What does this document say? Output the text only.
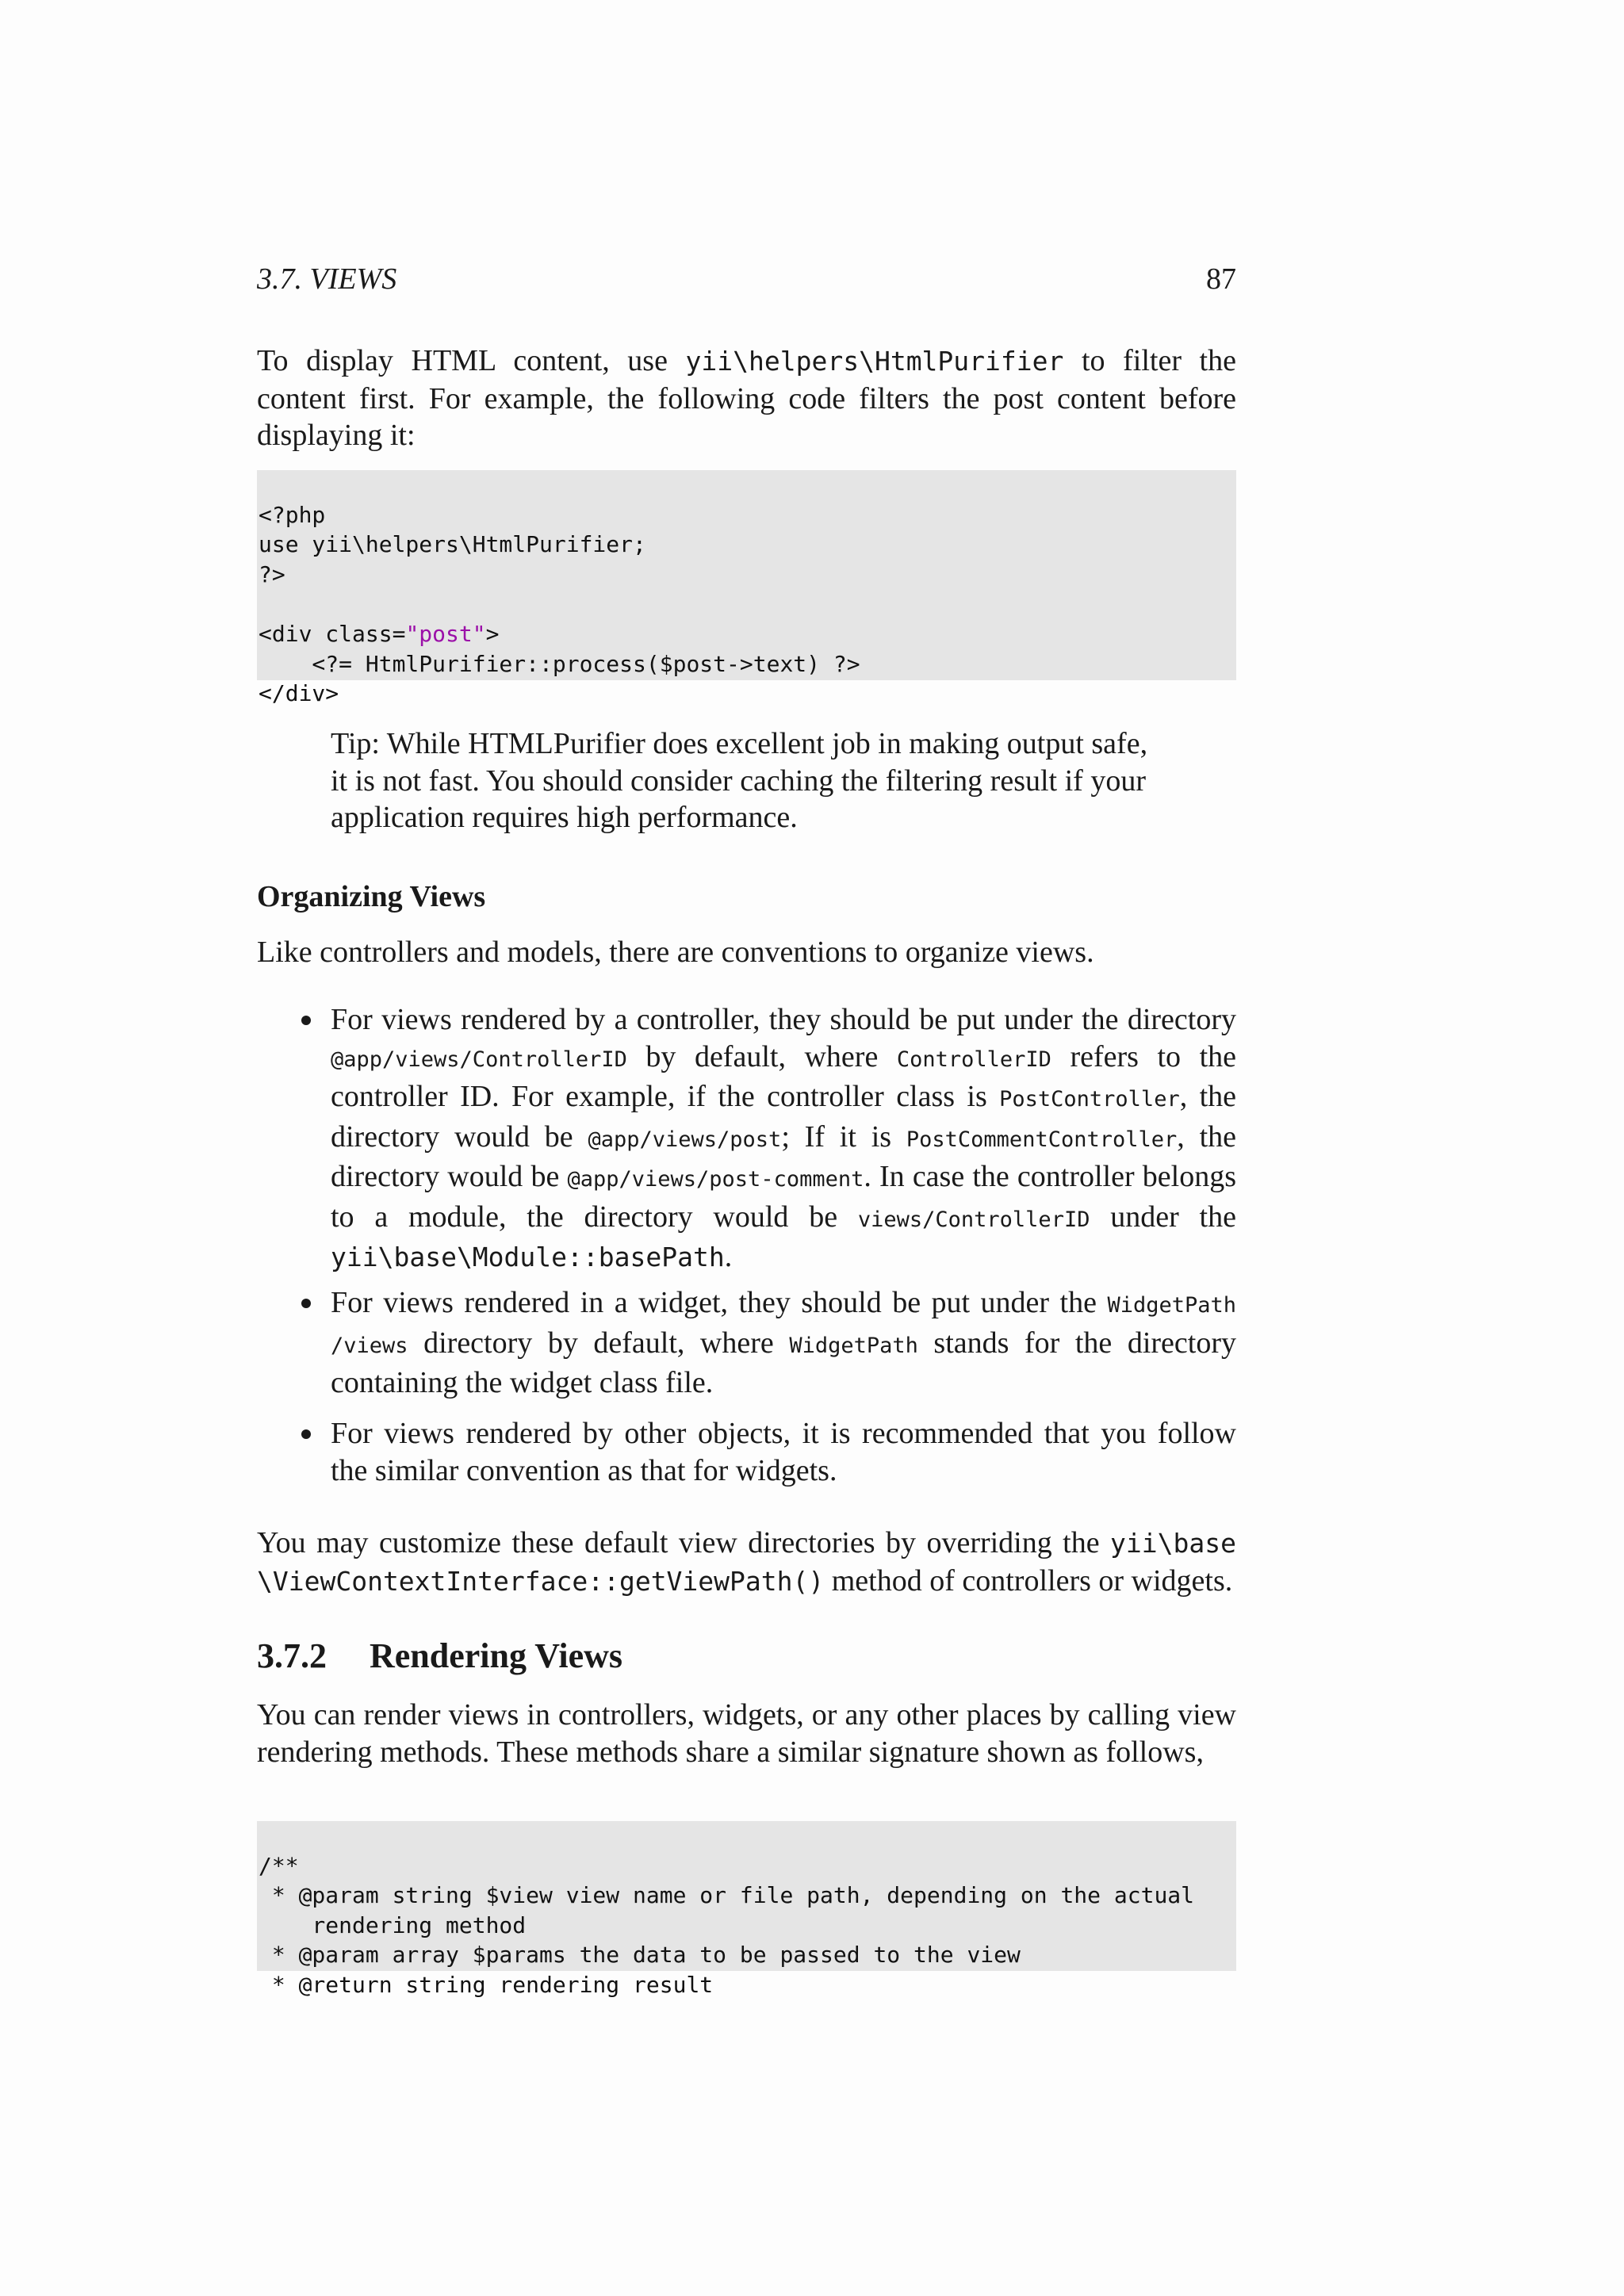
3.7. VIEWS	87

To display HTML content, use yii\helpers\HtmlPurifier to filter the content first. For example, the following code filters the post content before displaying it:

<?php
use yii\helpers\HtmlPurifier;
?>
<div class="post">
<?= HtmlPurifier::process($post->text) ?>
</div>
Tip: While HTMLPurifier does excellent job in making output safe, it is not fast. You should consider caching the filtering result if your application requires high performance.
Organizing Views

Like controllers and models, there are conventions to organize views.

For views rendered by a controller, they should be put under the directory @app/views/ControllerID by default, where ControllerID refers to the controller ID. For example, if the controller class is PostController, the directory would be @app/views/post; If it is PostCommentController, the directory would be @app/views/post-comment. In case the controller belongs to a module, the directory would be views/ControllerID under the yii\base\Module::basePath.
For views rendered in a widget, they should be put under the WidgetPath /views directory by default, where WidgetPath stands for the directory containing the widget class file.
For views rendered by other objects, it is recommended that you follow the similar convention as that for widgets.

You may customize these default view directories by overriding the yii\base \ViewContextInterface::getViewPath() method of controllers or widgets.

3.7.2 Rendering Views

You can render views in controllers, widgets, or any other places by calling view rendering methods. These methods share a similar signature shown as follows,

/**
* @param string $view view name or file path, depending on the actual
rendering method
* @param array $params the data to be passed to the view
* @return string rendering result
